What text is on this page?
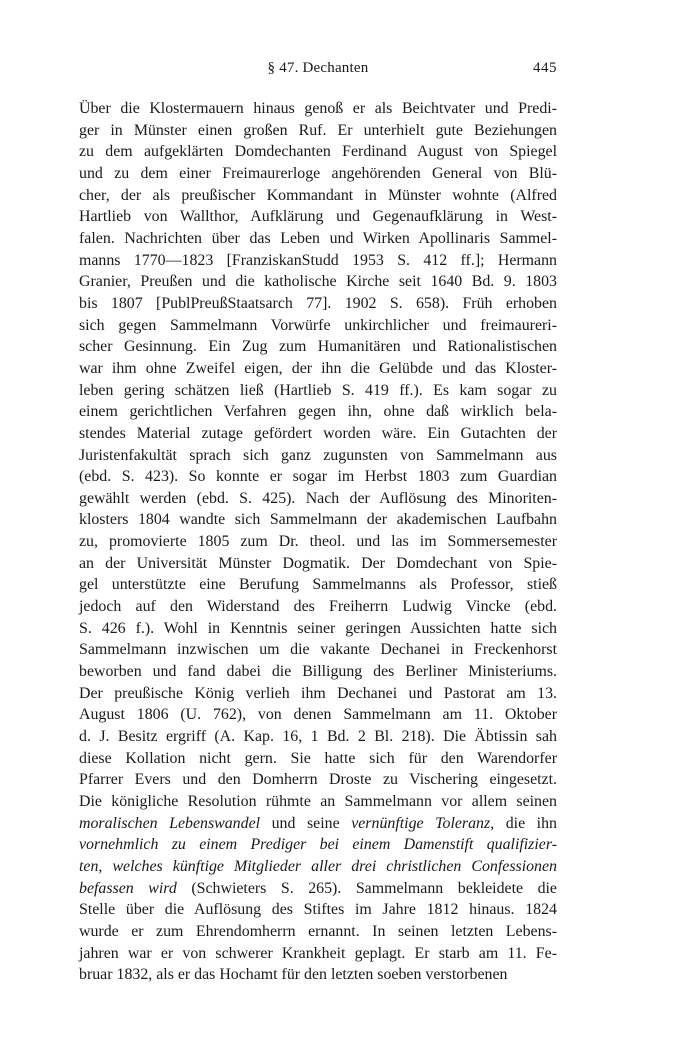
§ 47. Dechanten	445
Über die Klostermauern hinaus genoß er als Beichtvater und Predi-
ger in Münster einen großen Ruf. Er unterhielt gute Beziehungen
zu dem aufgeklärten Domdechanten Ferdinand August von Spiegel
und zu dem einer Freimaurerloge angehörenden General von Blü-
cher, der als preußischer Kommandant in Münster wohnte (Alfred
Hartlieb von Wallthor, Aufklärung und Gegenaufklärung in West-
falen. Nachrichten über das Leben und Wirken Apollinaris Sammel-
manns 1770—1823 [FranziskanStudd 1953 S. 412 ff.]; Hermann
Granier, Preußen und die katholische Kirche seit 1640 Bd. 9. 1803
bis 1807 [PublPreußStaatsarch 77]. 1902 S. 658). Früh erhoben
sich gegen Sammelmann Vorwürfe unkirchlicher und freimaureri-
scher Gesinnung. Ein Zug zum Humanitären und Rationalistischen
war ihm ohne Zweifel eigen, der ihn die Gelübde und das Kloster-
leben gering schätzen ließ (Hartlieb S. 419 ff.). Es kam sogar zu
einem gerichtlichen Verfahren gegen ihn, ohne daß wirklich bela-
stendes Material zutage gefördert worden wäre. Ein Gutachten der
Juristenfakultät sprach sich ganz zugunsten von Sammelmann aus
(ebd. S. 423). So konnte er sogar im Herbst 1803 zum Guardian
gewählt werden (ebd. S. 425). Nach der Auflösung des Minoriten-
klosters 1804 wandte sich Sammelmann der akademischen Laufbahn
zu, promovierte 1805 zum Dr. theol. und las im Sommersemester
an der Universität Münster Dogmatik. Der Domdechant von Spie-
gel unterstützte eine Berufung Sammelmanns als Professor, stieß
jedoch auf den Widerstand des Freiherrn Ludwig Vincke (ebd.
S. 426 f.). Wohl in Kenntnis seiner geringen Aussichten hatte sich
Sammelmann inzwischen um die vakante Dechanei in Freckenhorst
beworben und fand dabei die Billigung des Berliner Ministeriums.
Der preußische König verlieh ihm Dechanei und Pastorat am 13.
August 1806 (U. 762), von denen Sammelmann am 11. Oktober
d. J. Besitz ergriff (A. Kap. 16, 1 Bd. 2 Bl. 218). Die Äbtissin sah
diese Kollation nicht gern. Sie hatte sich für den Warendorfer
Pfarrer Evers und den Domherrn Droste zu Vischering eingesetzt.
Die königliche Resolution rühmte an Sammelmann vor allem seinen
moralischen Lebenswandel und seine vernünftige Toleranz, die ihn
vornehmlich zu einem Prediger bei einem Damenstift qualifizier-
ten, welches künftige Mitglieder aller drei christlichen Confessionen
befassen wird (Schwieters S. 265). Sammelmann bekleidete die
Stelle über die Auflösung des Stiftes im Jahre 1812 hinaus. 1824
wurde er zum Ehrendomherrn ernannt. In seinen letzten Lebens-
jahren war er von schwerer Krankheit geplagt. Er starb am 11. Fe-
bruar 1832, als er das Hochamt für den letzten soeben verstorbenen
